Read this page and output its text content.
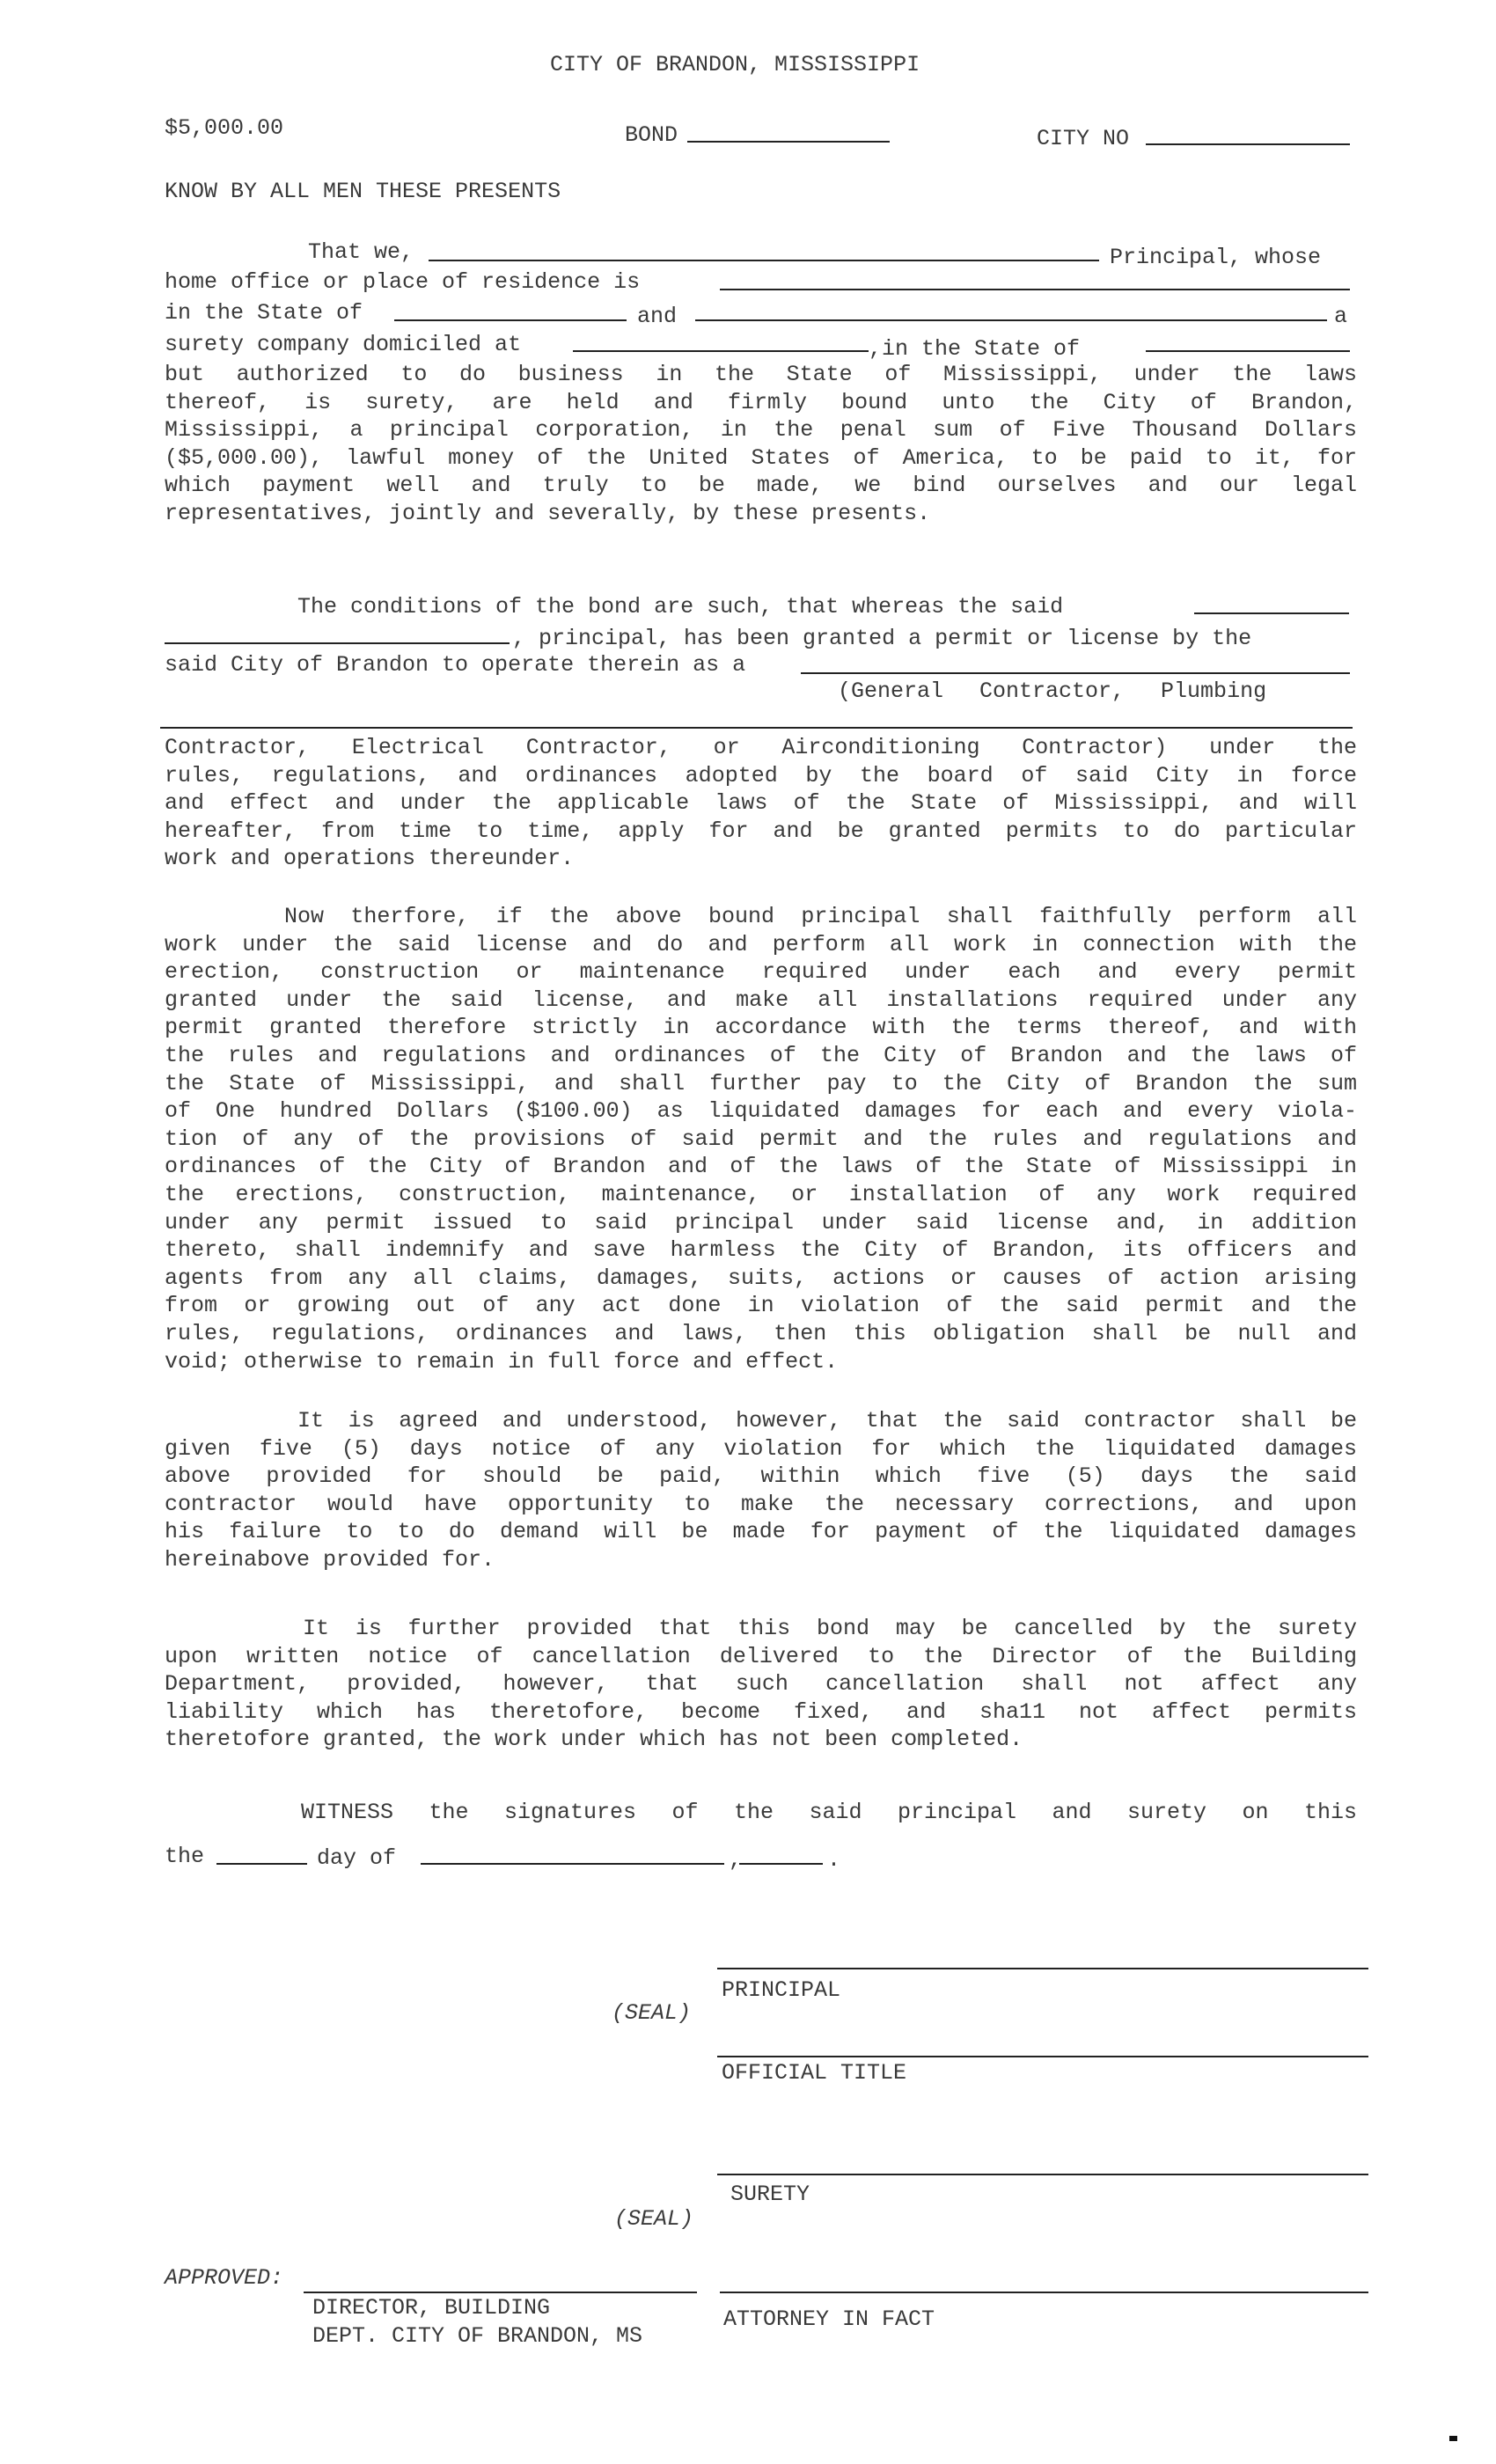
CITY OF BRANDON, MISSISSIPPI
$5,000.00	BOND	CITY NO
KNOW BY ALL MEN THESE PRESENTS
That we,	Principal, whose
home office or place of residence is
in the State of	and	a
surety company domiciled at	,in the State of
but authorized to do business in the State of Mississippi, under the laws
thereof, is surety, are held and firmly bound unto the City of Brandon,
Mississippi, a principal corporation, in the penal sum of Five Thousand Dollars
($5,000.00), lawful money of the United States of America, to be paid to it, for
which payment well and truly to be made, we bind ourselves and our legal
representatives, jointly and severally, by these presents.
The conditions of the bond are such, that whereas the said
, principal, has been granted a permit or license by the
said City of Brandon to operate therein as a
(General Contractor, Plumbing
Contractor, Electrical Contractor, or Airconditioning Contractor) under the
rules, regulations, and ordinances adopted by the board of said City in force
and effect and under the applicable laws of the State of Mississippi, and will
hereafter, from time to time, apply for and be granted permits to do particular
work and operations thereunder.
Now therfore, if the above bound principal shall faithfully perform all
work under the said license and do and perform all work in connection with the
erection, construction or maintenance required under each and every permit
granted under the said license, and make all installations required under any
permit granted therefore strictly in accordance with the terms thereof, and with
the rules and regulations and ordinances of the City of Brandon and the laws of
the State of Mississippi, and shall further pay to the City of Brandon the sum
of One hundred Dollars ($100.00) as liquidated damages for each and every viola-
tion of any of the provisions of said permit and the rules and regulations and
ordinances of the City of Brandon and of the laws of the State of Mississippi in
the erections, construction, maintenance, or installation of any work required
under any permit issued to said principal under said license and, in addition
thereto, shall indemnify and save harmless the City of Brandon, its officers and
agents from any all claims, damages, suits, actions or causes of action arising
from or growing out of any act done in violation of the said permit and the
rules, regulations, ordinances and laws, then this obligation shall be null and
void; otherwise to remain in full force and effect.
It is agreed and understood, however, that the said contractor shall be
given five (5) days notice of any violation for which the liquidated damages
above provided for should be paid, within which five (5) days the said
contractor would have opportunity to make the necessary corrections, and upon
his failure to to do demand will be made for payment of the liquidated damages
hereinabove provided for.
It is further provided that this bond may be cancelled by the surety
upon written notice of cancellation delivered to the Director of the Building
Department, provided, however, that such cancellation shall not affect any
liability which has theretofore, become fixed, and sha11 not affect permits
theretofore granted, the work under which has not been completed.
WITNESS the signatures of the said principal and surety on this
the	day of	,	.
PRINCIPAL
(SEAL)
OFFICIAL TITLE
SURETY
(SEAL)
APPROVED:
DIRECTOR, BUILDING
DEPT. CITY OF BRANDON, MS
ATTORNEY IN FACT
